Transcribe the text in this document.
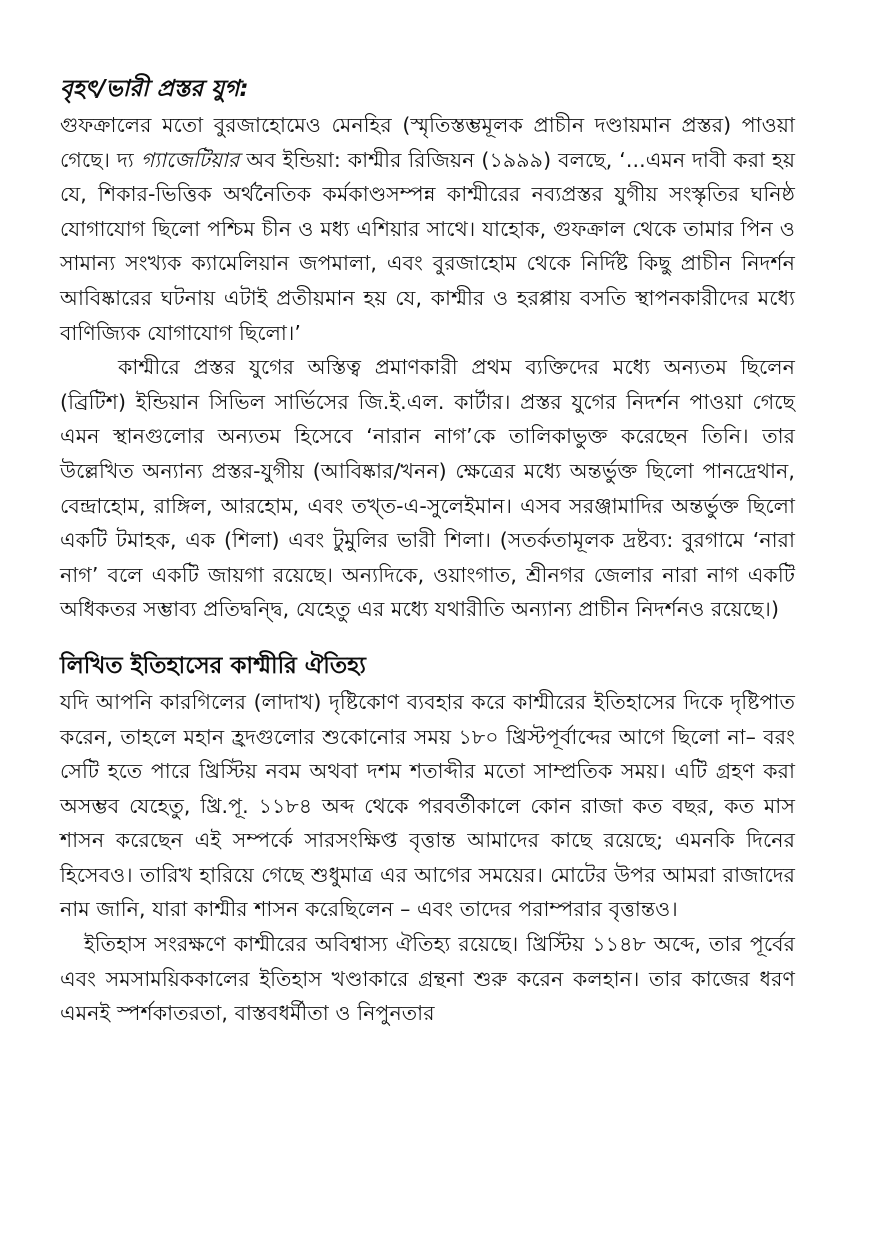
বৃহৎ/ভারী প্রস্তর যুগ:

গুফক্রালের মতো বুরজাহোমেও মেনহির (স্মৃতিস্তম্ভমূলক প্রাচীন দণ্ডায়মান প্রস্তর) পাওয়া গেছে। দ্য গ্যাজেটিয়ার অব ইন্ডিয়া: কাশ্মীর রিজিয়ন (১৯৯৯) বলছে, ‘...এমন দাবী করা হয় যে, শিকার-ভিত্তিক অর্থনৈতিক কর্মকাণ্ডসম্পন্ন কাশ্মীরের নব্যপ্রস্তর যুগীয় সংস্কৃতির ঘনিষ্ঠ যোগাযোগ ছিলো পশ্চিম চীন ও মধ্য এশিয়ার সাথে। যাহোক, গুফক্রাল থেকে তামার পিন ও সামান্য সংখ্যক ক্যামেলিয়ান জপমালা, এবং বুরজাহোম থেকে নির্দিষ্ট কিছু প্রাচীন নিদর্শন আবিষ্কারের ঘটনায় এটাই প্রতীয়মান হয় যে, কাশ্মীর ও হরপ্পায় বসতি স্থাপনকারীদের মধ্যে বাণিজ্যিক যোগাযোগ ছিলো।’

কাশ্মীরে প্রস্তর যুগের অস্তিত্ব প্রমাণকারী প্রথম ব্যক্তিদের মধ্যে অন্যতম ছিলেন (ব্রিটিশ) ইন্ডিয়ান সিভিল সার্ভিসের জি.ই.এল. কার্টার। প্রস্তর যুগের নিদর্শন পাওয়া গেছে এমন স্থানগুলোর অন্যতম হিসেবে ‘নারান নাগ’কে তালিকাভুক্ত করেছেন তিনি। তার উল্লেখিত অন্যান্য প্রস্তর-যুগীয় (আবিষ্কার/খনন) ক্ষেত্রের মধ্যে অন্তর্ভুক্ত ছিলো পানদ্রেথান, বেন্দ্রাহোম, রাঙ্গিল, আরহোম, এবং তখ্‌ত-এ-সুলেইমান। এসব সরঞ্জামাদির অন্তর্ভুক্ত ছিলো একটি টমাহক, এক (শিলা) এবং টুমুলির ভারী শিলা। (সতর্কতামূলক দ্রষ্টব্য: বুরগামে ‘নারা নাগ’ বলে একটি জায়গা রয়েছে। অন্যদিকে, ওয়াংগাত, শ্রীনগর জেলার নারা নাগ একটি অধিকতর সম্ভাব্য প্রতিদ্বন্দ্বি, যেহেতু এর মধ্যে যথারীতি অন্যান্য প্রাচীন নিদর্শনও রয়েছে।)

লিখিত ইতিহাসের কাশ্মীরি ঐতিহ্য

যদি আপনি কারগিলের (লাদাখ) দৃষ্টিকোণ ব্যবহার করে কাশ্মীরের ইতিহাসের দিকে দৃষ্টিপাত করেন, তাহলে মহান হ্রদগুলোর শুকোনোর সময় ১৮০ খ্রিস্টপূর্বাব্দের আগে ছিলো না– বরং সেটি হতে পারে খ্রিস্টিয় নবম অথবা দশম শতাব্দীর মতো সাম্প্রতিক সময়। এটি গ্রহণ করা অসম্ভব যেহেতু, খ্রি.পূ. ১১৮৪ অব্দ থেকে পরবর্তীকালে কোন রাজা কত বছর, কত মাস শাসন করেছেন এই সম্পর্কে সারসংক্ষিপ্ত বৃত্তান্ত আমাদের কাছে রয়েছে; এমনকি দিনের হিসেবও। তারিখ হারিয়ে গেছে শুধুমাত্র এর আগের সময়ের। মোটের উপর আমরা রাজাদের নাম জানি, যারা কাশ্মীর শাসন করেছিলেন – এবং তাদের পরাম্পরার বৃত্তান্তও।

ইতিহাস সংরক্ষণে কাশ্মীরের অবিশ্বাস্য ঐতিহ্য রয়েছে। খ্রিস্টিয় ১১৪৮ অব্দে, তার পূর্বের এবং সমসাময়িককালের ইতিহাস খণ্ডাকারে গ্রন্থনা শুরু করেন কলহান। তার কাজের ধরণ এমনই স্পর্শকাতরতা, বাস্তবধর্মীতা ও নিপুনতার
